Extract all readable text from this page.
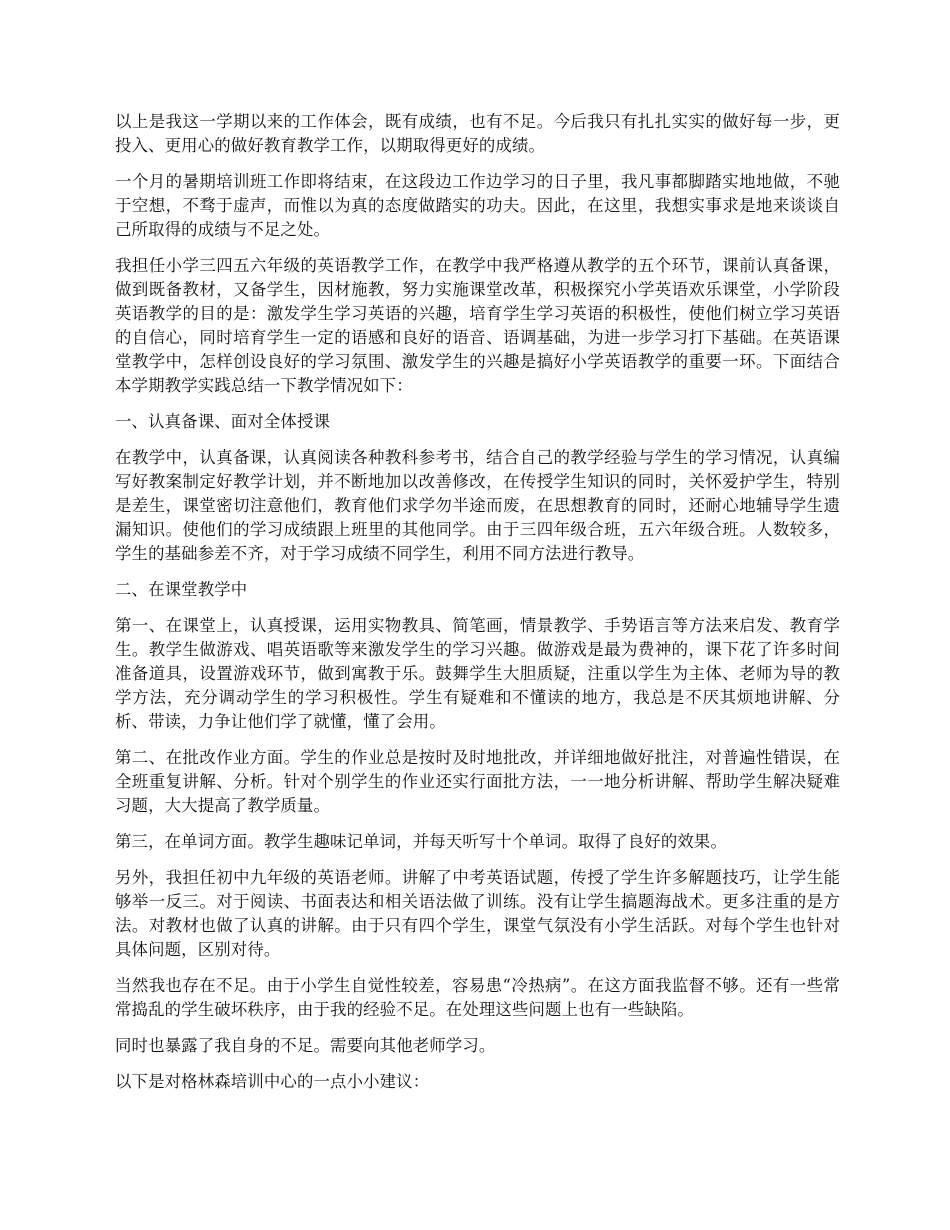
以上是我这一学期以来的工作体会，既有成绩，也有不足。今后我只有扎扎实实的做好每一步，更投入、更用心的做好教育教学工作，以期取得更好的成绩。

一个月的暑期培训班工作即将结束，在这段边工作边学习的日子里，我凡事都脚踏实地地做，不驰于空想，不骛于虚声，而惟以为真的态度做踏实的功夫。因此，在这里，我想实事求是地来谈谈自己所取得的成绩与不足之处。

我担任小学三四五六年级的英语教学工作，在教学中我严格遵从教学的五个环节，课前认真备课，做到既备教材，又备学生，因材施教，努力实施课堂改革，积极探究小学英语欢乐课堂，小学阶段英语教学的目的是：激发学生学习英语的兴趣，培育学生学习英语的积极性，使他们树立学习英语的自信心，同时培育学生一定的语感和良好的语音、语调基础，为进一步学习打下基础。在英语课堂教学中，怎样创设良好的学习氛围、激发学生的兴趣是搞好小学英语教学的重要一环。下面结合本学期教学实践总结一下教学情况如下：

一、认真备课、面对全体授课

在教学中，认真备课，认真阅读各种教科参考书，结合自己的教学经验与学生的学习情况，认真编写好教案制定好教学计划，并不断地加以改善修改，在传授学生知识的同时，关怀爱护学生，特别是差生，课堂密切注意他们，教育他们求学勿半途而废，在思想教育的同时，还耐心地辅导学生遗漏知识。使他们的学习成绩跟上班里的其他同学。由于三四年级合班，五六年级合班。人数较多，学生的基础参差不齐，对于学习成绩不同学生，利用不同方法进行教导。

二、在课堂教学中

第一、在课堂上，认真授课，运用实物教具、简笔画，情景教学、手势语言等方法来启发、教育学生。教学生做游戏、唱英语歌等来激发学生的学习兴趣。做游戏是最为费神的，课下花了许多时间准备道具，设置游戏环节，做到寓教于乐。鼓舞学生大胆质疑，注重以学生为主体、老师为导的教学方法，充分调动学生的学习积极性。学生有疑难和不懂读的地方，我总是不厌其烦地讲解、分析、带读，力争让他们学了就懂，懂了会用。

第二、在批改作业方面。学生的作业总是按时及时地批改，并详细地做好批注，对普遍性错误，在全班重复讲解、分析。针对个别学生的作业还实行面批方法，一一地分析讲解、帮助学生解决疑难习题，大大提高了教学质量。

第三，在单词方面。教学生趣味记单词，并每天听写十个单词。取得了良好的效果。

另外，我担任初中九年级的英语老师。讲解了中考英语试题，传授了学生许多解题技巧，让学生能够举一反三。对于阅读、书面表达和相关语法做了训练。没有让学生搞题海战术。更多注重的是方法。对教材也做了认真的讲解。由于只有四个学生，课堂气氛没有小学生活跃。对每个学生也针对具体问题，区别对待。

当然我也存在不足。由于小学生自觉性较差，容易患“冷热病”。在这方面我监督不够。还有一些常常捣乱的学生破坏秩序，由于我的经验不足。在处理这些问题上也有一些缺陷。

同时也暴露了我自身的不足。需要向其他老师学习。

以下是对格林森培训中心的一点小小建议：
